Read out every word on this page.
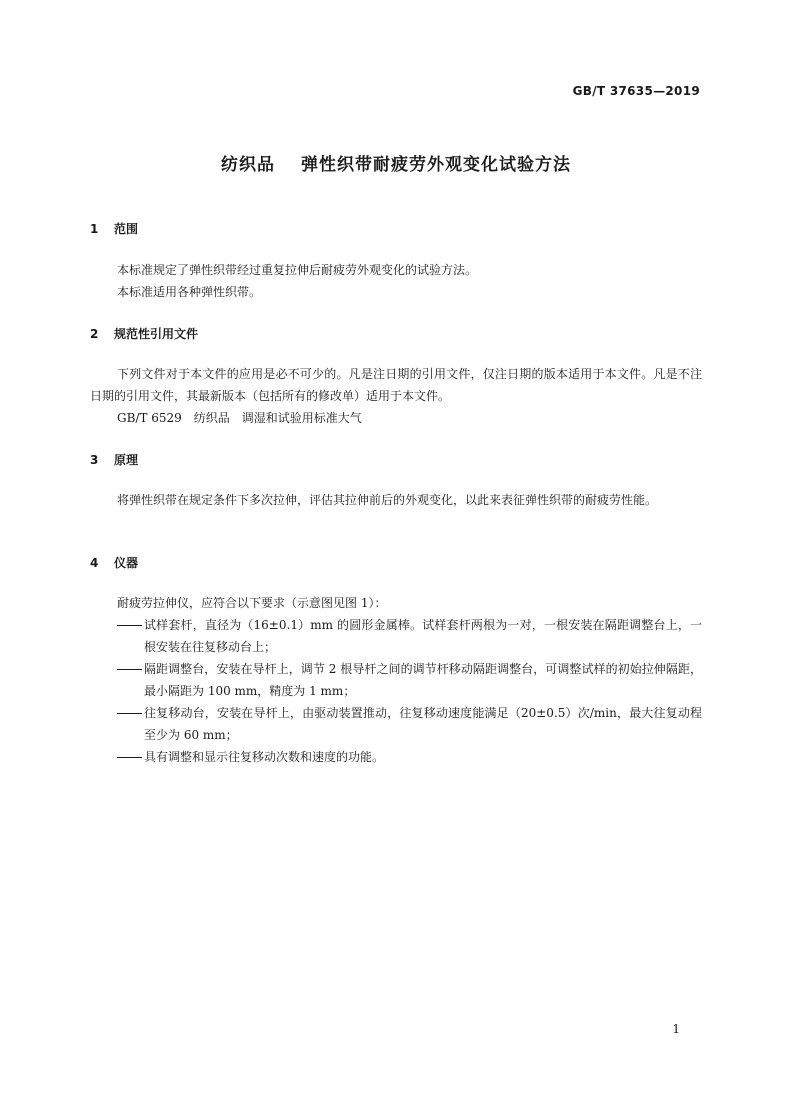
GB/T 37635—2019
纺织品 弹性织带耐疲劳外观变化试验方法
1 范围
本标准规定了弹性织带经过重复拉伸后耐疲劳外观变化的试验方法。
本标准适用各种弹性织带。
2 规范性引用文件
下列文件对于本文件的应用是必不可少的。凡是注日期的引用文件，仅注日期的版本适用于本文件。凡是不注日期的引用文件，其最新版本（包括所有的修改单）适用于本文件。
GB/T 6529　纺织品　调湿和试验用标准大气
3 原理
将弹性织带在规定条件下多次拉伸，评估其拉伸前后的外观变化，以此来表征弹性织带的耐疲劳性能。
4 仪器
耐疲劳拉伸仪，应符合以下要求（示意图见图 1）：
试样套杆，直径为（16±0.1）mm 的圆形金属棒。试样套杆两根为一对，一根安装在隔距调整台上，一根安装在往复移动台上；
隔距调整台，安装在导杆上，调节 2 根导杆之间的调节杆移动隔距调整台，可调整试样的初始拉伸隔距，最小隔距为 100 mm，精度为 1 mm；
往复移动台，安装在导杆上，由驱动装置推动，往复移动速度能满足（20±0.5）次/min，最大往复动程至少为 60 mm；
具有调整和显示往复移动次数和速度的功能。
1
